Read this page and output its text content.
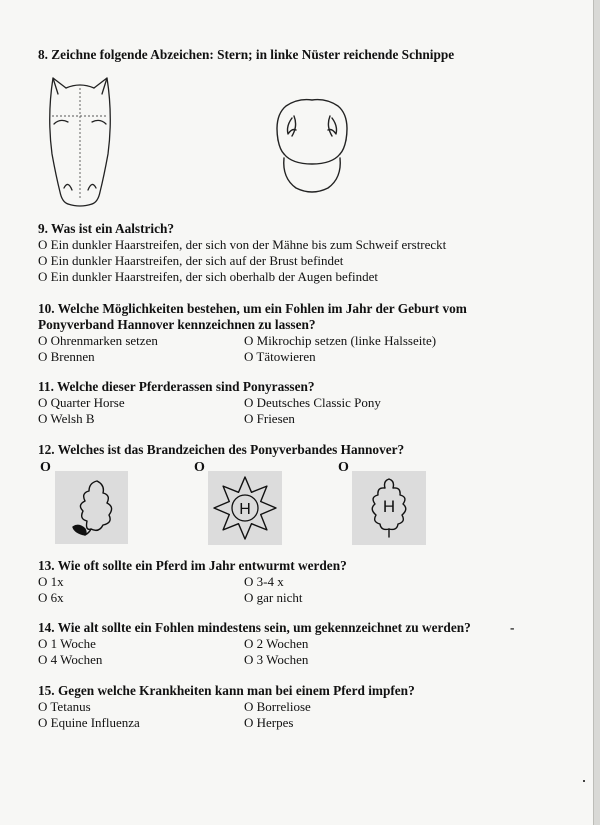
8. Zeichne folgende Abzeichen: Stern; in linke Nüster reichende Schnippe
9. Was ist ein Aalstrich?
O Ein dunkler Haarstreifen, der sich von der Mähne bis zum Schweif erstreckt
O Ein dunkler Haarstreifen, der sich auf der Brust befindet
O Ein dunkler Haarstreifen, der sich oberhalb der Augen befindet
10. Welche Möglichkeiten bestehen, um ein Fohlen im Jahr der Geburt vom
Ponyverband Hannover kennzeichnen zu lassen?
O Ohrenmarken setzen	O Mikrochip setzen (linke Halsseite)
O Brennen	O Tätowieren
11. Welche dieser Pferderassen sind Ponyrassen?
O Quarter Horse	O Deutsches Classic Pony
O Welsh B	O Friesen
12. Welches ist das Brandzeichen des Ponyverbandes Hannover?
O	O	O
H	H
13. Wie oft sollte ein Pferd im Jahr entwurmt werden?
O 1x	O 3-4 x
O 6x	O gar nicht
14. Wie alt sollte ein Fohlen mindestens sein, um gekennzeichnet zu werden?
O 1 Woche	O 2 Wochen
O 4 Wochen	O 3 Wochen
-
15. Gegen welche Krankheiten kann man bei einem Pferd impfen?
O Tetanus	O Borreliose
O Equine Influenza	O Herpes
